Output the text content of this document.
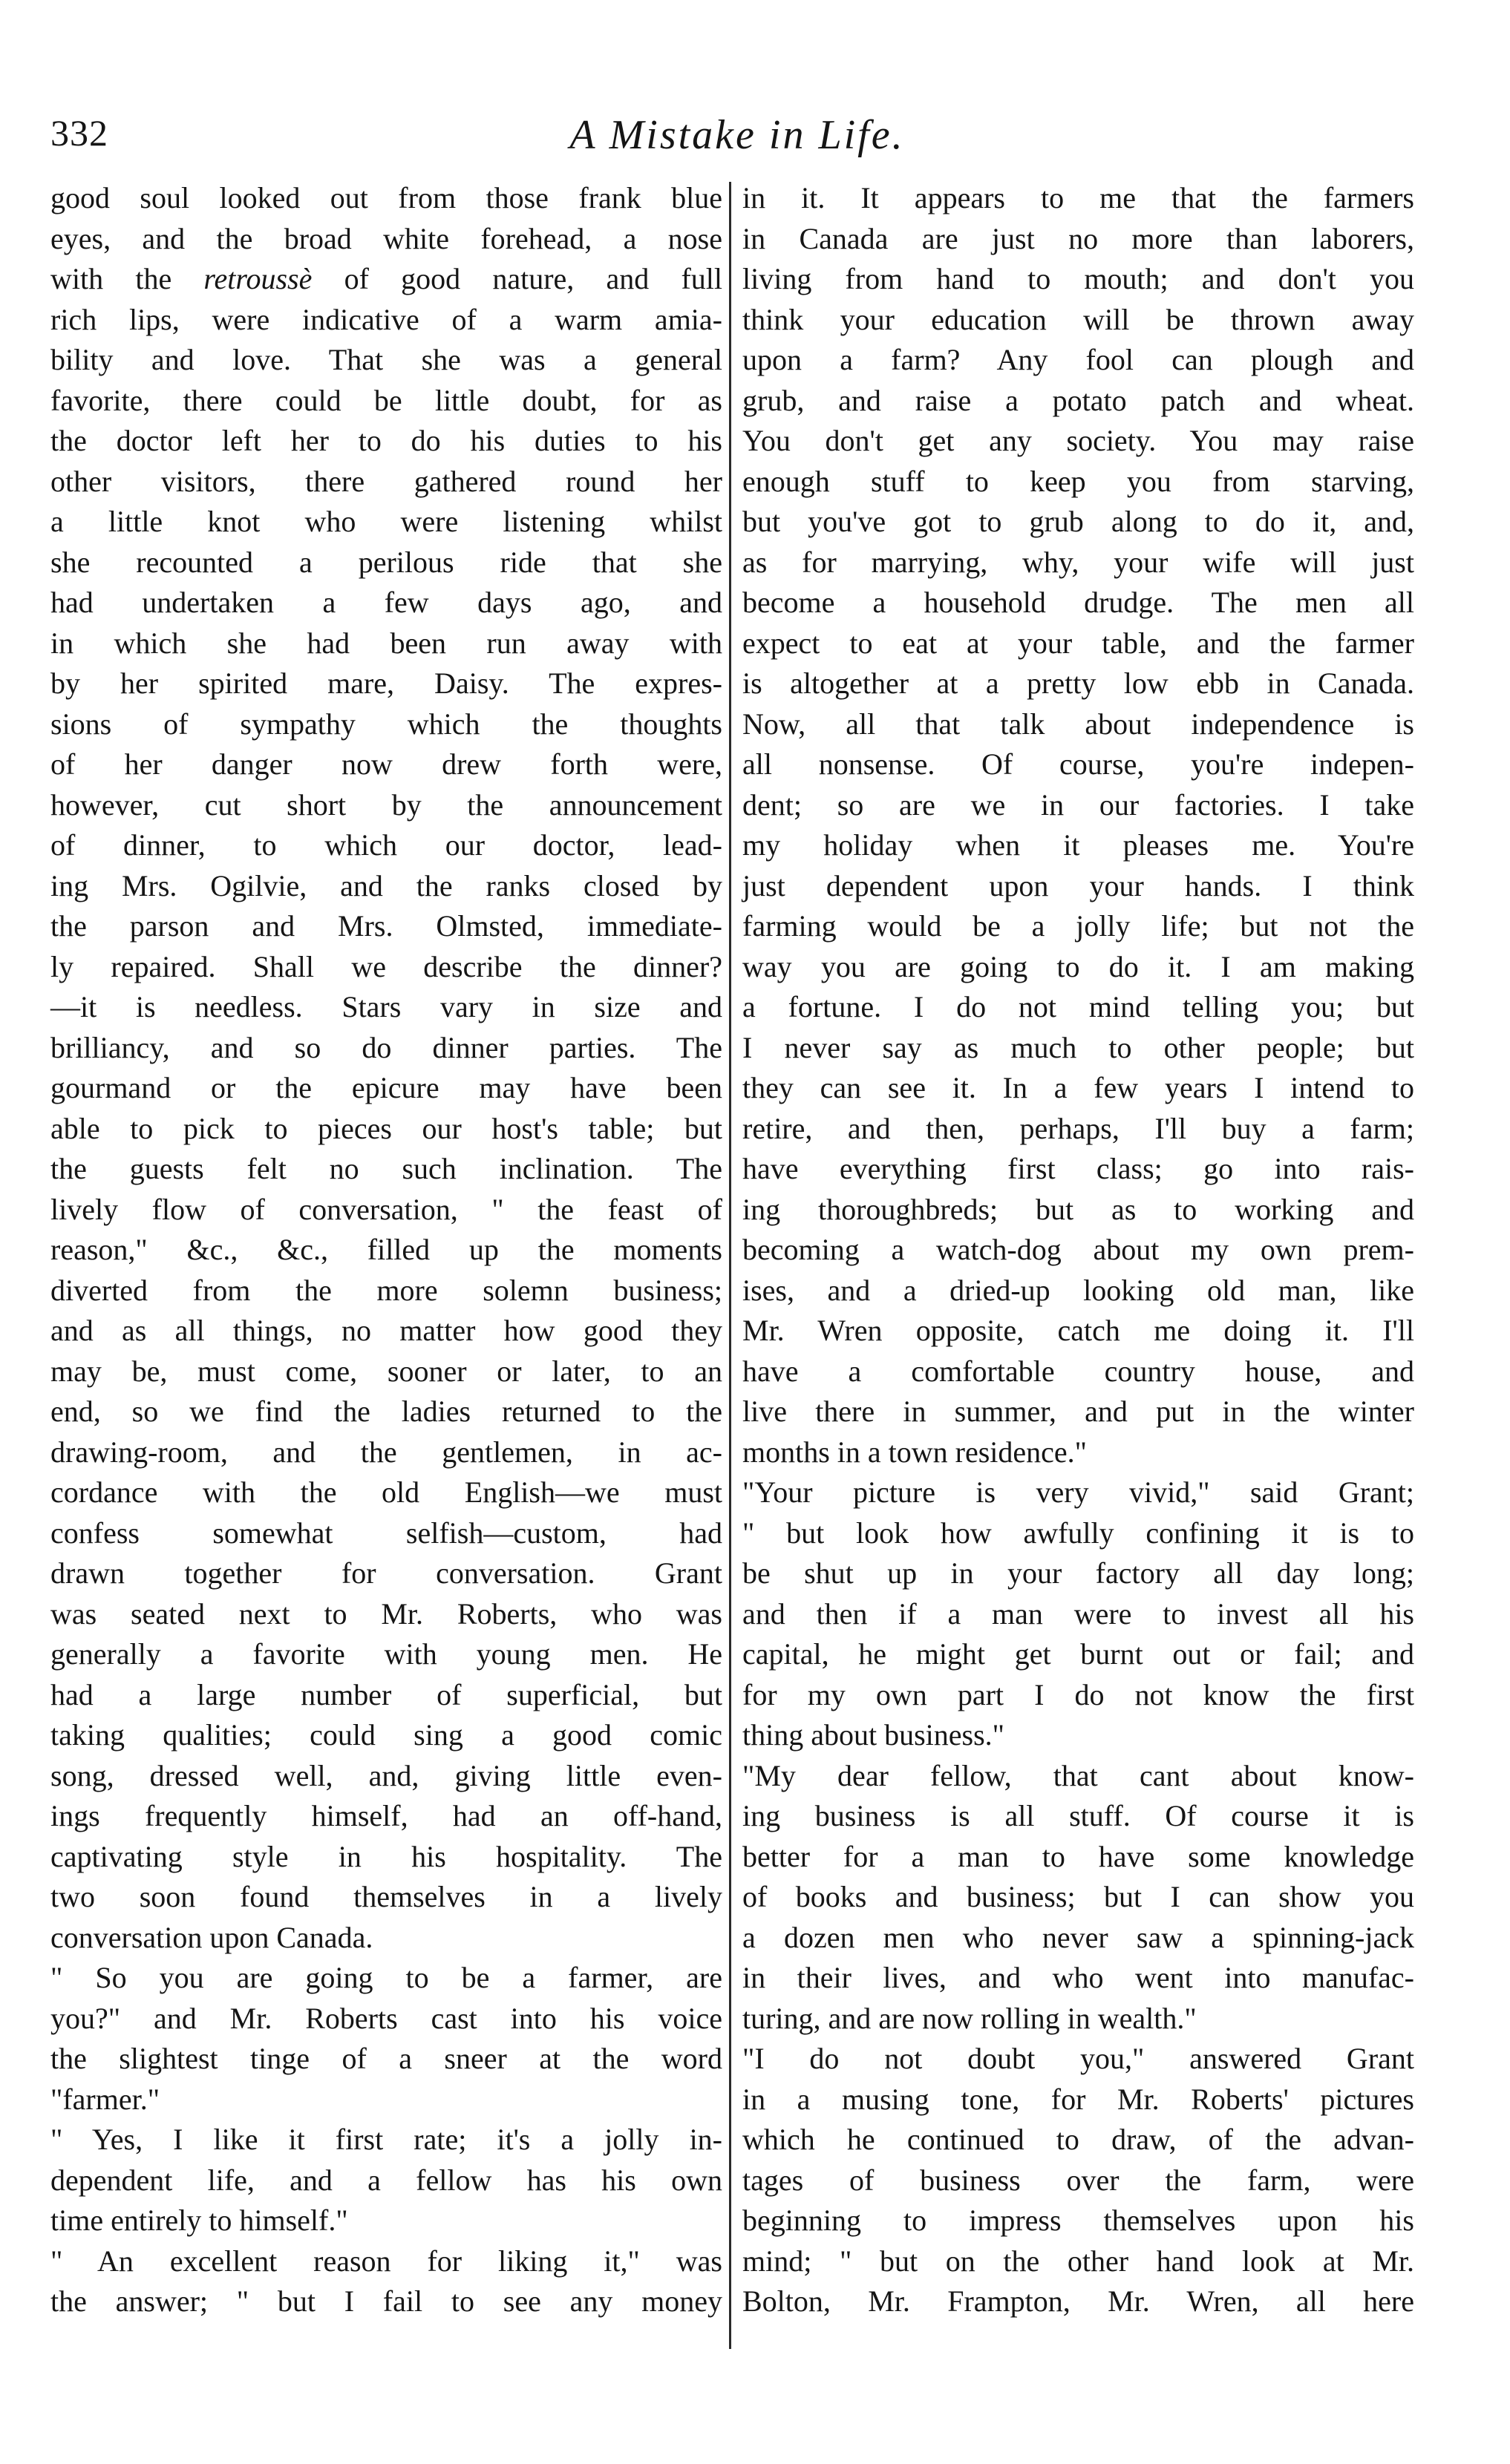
332	A Mistake in Life.
good soul looked out from those frank blue
eyes, and the broad white forehead, a nose
with the retroussè of good nature, and full
rich lips, were indicative of a warm amia-
bility and love. That she was a general
favorite, there could be little doubt, for as
the doctor left her to do his duties to his
other visitors, there gathered round her
a little knot who were listening whilst
she recounted a perilous ride that she
had undertaken a few days ago, and
in which she had been run away with
by her spirited mare, Daisy. The expres-
sions of sympathy which the thoughts
of her danger now drew forth were,
however, cut short by the announcement
of dinner, to which our doctor, lead-
ing Mrs. Ogilvie, and the ranks closed by
the parson and Mrs. Olmsted, immediate-
ly repaired. Shall we describe the dinner?
—it is needless. Stars vary in size and
brilliancy, and so do dinner parties. The
gourmand or the epicure may have been
able to pick to pieces our host's table; but
the guests felt no such inclination. The
lively flow of conversation, " the feast of
reason," &c., &c., filled up the moments
diverted from the more solemn business;
and as all things, no matter how good they
may be, must come, sooner or later, to an
end, so we find the ladies returned to the
drawing-room, and the gentlemen, in ac-
cordance with the old English—we must
confess somewhat selfish—custom, had
drawn together for conversation. Grant
was seated next to Mr. Roberts, who was
generally a favorite with young men. He
had a large number of superficial, but
taking qualities; could sing a good comic
song, dressed well, and, giving little even-
ings frequently himself, had an off-hand,
captivating style in his hospitality. The
two soon found themselves in a lively
conversation upon Canada.
" So you are going to be a farmer, are
you?" and Mr. Roberts cast into his voice
the slightest tinge of a sneer at the word
"farmer."
" Yes, I like it first rate; it's a jolly in-
dependent life, and a fellow has his own
time entirely to himself."
" An excellent reason for liking it," was
the answer; " but I fail to see any money
in it. It appears to me that the farmers
in Canada are just no more than laborers,
living from hand to mouth; and don't you
think your education will be thrown away
upon a farm? Any fool can plough and
grub, and raise a potato patch and wheat.
You don't get any society. You may raise
enough stuff to keep you from starving,
but you've got to grub along to do it, and,
as for marrying, why, your wife will just
become a household drudge. The men all
expect to eat at your table, and the farmer
is altogether at a pretty low ebb in Canada.
Now, all that talk about independence is
all nonsense. Of course, you're indepen-
dent; so are we in our factories. I take
my holiday when it pleases me. You're
just dependent upon your hands. I think
farming would be a jolly life; but not the
way you are going to do it. I am making
a fortune. I do not mind telling you; but
I never say as much to other people; but
they can see it. In a few years I intend to
retire, and then, perhaps, I'll buy a farm;
have everything first class; go into rais-
ing thoroughbreds; but as to working and
becoming a watch-dog about my own prem-
ises, and a dried-up looking old man, like
Mr. Wren opposite, catch me doing it. I'll
have a comfortable country house, and
live there in summer, and put in the winter
months in a town residence."
"Your picture is very vivid," said Grant;
" but look how awfully confining it is to
be shut up in your factory all day long;
and then if a man were to invest all his
capital, he might get burnt out or fail; and
for my own part I do not know the first
thing about business."
"My dear fellow, that cant about know-
ing business is all stuff. Of course it is
better for a man to have some knowledge
of books and business; but I can show you
a dozen men who never saw a spinning-jack
in their lives, and who went into manufac-
turing, and are now rolling in wealth."
"I do not doubt you," answered Grant
in a musing tone, for Mr. Roberts' pictures
which he continued to draw, of the advan-
tages of business over the farm, were
beginning to impress themselves upon his
mind; " but on the other hand look at Mr.
Bolton, Mr. Frampton, Mr. Wren, all here
